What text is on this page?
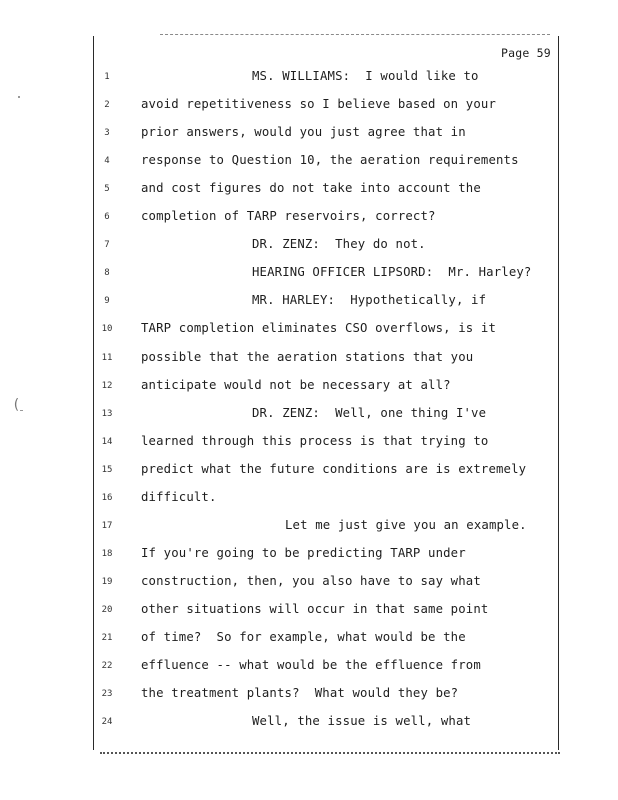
Page 59
(
1	MS. WILLIAMS:  I would like to
2	avoid repetitiveness so I believe based on your
3	prior answers, would you just agree that in
4	response to Question 10, the aeration requirements
5	and cost figures do not take into account the
6	completion of TARP reservoirs, correct?
7	DR. ZENZ:  They do not.
8	HEARING OFFICER LIPSORD:  Mr. Harley?
9	MR. HARLEY:  Hypothetically, if
10	TARP completion eliminates CSO overflows, is it
11	possible that the aeration stations that you
12	anticipate would not be necessary at all?
13	DR. ZENZ:  Well, one thing I've
14	learned through this process is that trying to
15	predict what the future conditions are is extremely
16	difficult.
17	Let me just give you an example.
18	If you're going to be predicting TARP under
19	construction, then, you also have to say what
20	other situations will occur in that same point
21	of time?  So for example, what would be the
22	effluence -- what would be the effluence from
23	the treatment plants?  What would they be?
24	Well, the issue is well, what
